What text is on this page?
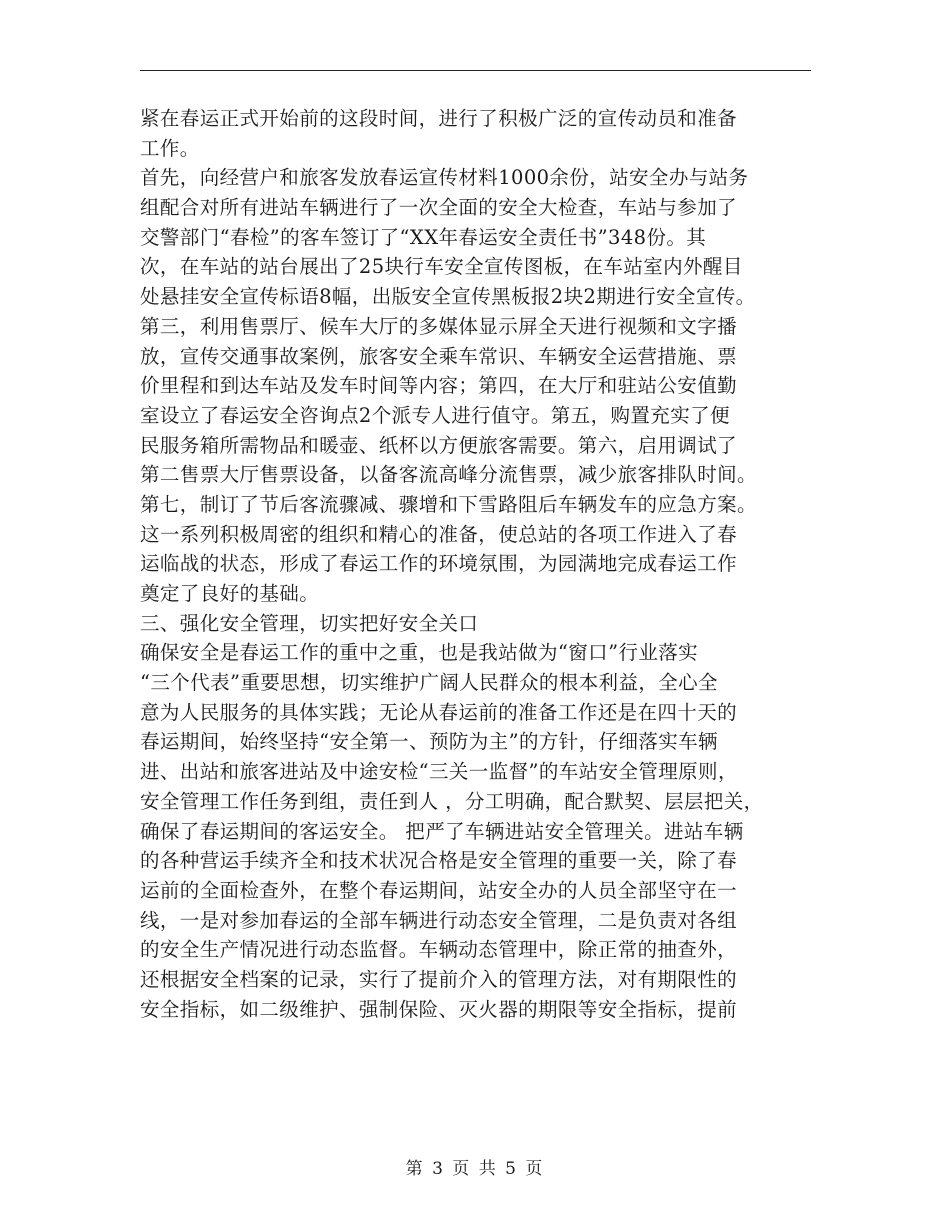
紧在春运正式开始前的这段时间，进行了积极广泛的宣传动员和准备
工作。
首先，向经营户和旅客发放春运宣传材料1000余份，站安全办与站务
组配合对所有进站车辆进行了一次全面的安全大检查，车站与参加了
交警部门“春检”的客车签订了“XX年春运安全责任书”348份。其
次，在车站的站台展出了25块行车安全宣传图板，在车站室内外醒目
处悬挂安全宣传标语8幅，出版安全宣传黑板报2块2期进行安全宣传。
第三，利用售票厅、候车大厅的多媒体显示屏全天进行视频和文字播
放，宣传交通事故案例，旅客安全乘车常识、车辆安全运营措施、票
价里程和到达车站及发车时间等内容；第四，在大厅和驻站公安值勤
室设立了春运安全咨询点2个派专人进行值守。第五，购置充实了便
民服务箱所需物品和暖壶、纸杯以方便旅客需要。第六，启用调试了
第二售票大厅售票设备，以备客流高峰分流售票，减少旅客排队时间。
第七，制订了节后客流骤减、骤增和下雪路阻后车辆发车的应急方案。
这一系列积极周密的组织和精心的准备，使总站的各项工作进入了春
运临战的状态，形成了春运工作的环境氛围，为园满地完成春运工作
奠定了良好的基础。
三、强化安全管理，切实把好安全关口
确保安全是春运工作的重中之重，也是我站做为“窗口”行业落实
“三个代表”重要思想，切实维护广阔人民群众的根本利益，全心全
意为人民服务的具体实践；无论从春运前的准备工作还是在四十天的
春运期间，始终坚持“安全第一、预防为主”的方针，仔细落实车辆
进、出站和旅客进站及中途安检“三关一监督”的车站安全管理原则，
安全管理工作任务到组，责任到人 ，分工明确，配合默契、层层把关，
确保了春运期间的客运安全。 把严了车辆进站安全管理关。进站车辆
的各种营运手续齐全和技术状况合格是安全管理的重要一关，除了春
运前的全面检查外，在整个春运期间，站安全办的人员全部坚守在一
线，一是对参加春运的全部车辆进行动态安全管理，二是负责对各组
的安全生产情况进行动态监督。车辆动态管理中，除正常的抽查外，
还根据安全档案的记录，实行了提前介入的管理方法，对有期限性的
安全指标，如二级维护、强制保险、灭火器的期限等安全指标，提前
第 3 页 共 5 页
